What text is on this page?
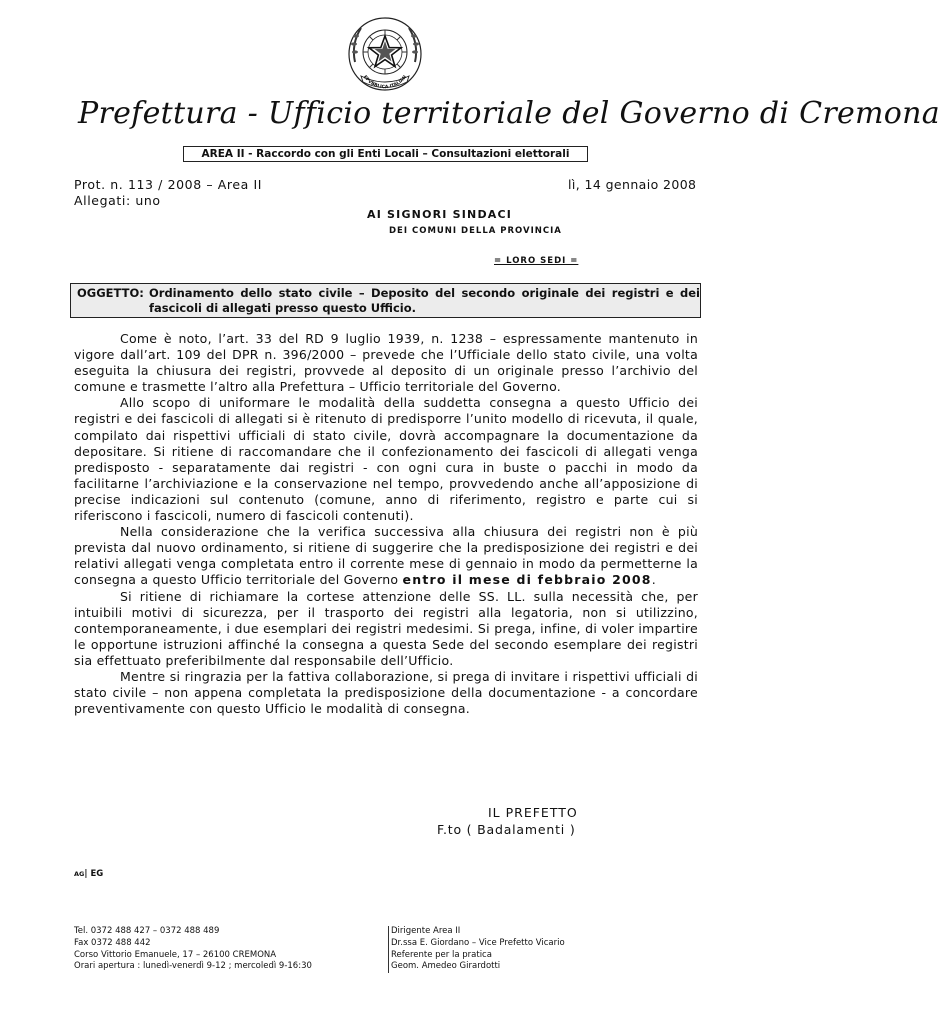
EPVBBLICA ITALIAN
Prefettura - Ufficio territoriale del Governo di Cremona
AREA II - Raccordo con gli Enti Locali – Consultazioni elettorali
Prot. n. 113 / 2008 – Area II
Allegati: uno
lì, 14 gennaio 2008
AI SIGNORI SINDACI
DEI COMUNI DELLA PROVINCIA
= LORO SEDI =
OGGETTO: Ordinamento dello stato civile – Deposito del secondo originale dei registri e dei fascicoli di allegati presso questo Ufficio.

Come è noto, l’art. 33 del RD 9 luglio 1939, n. 1238 – espressamente mantenuto in vigore dall’art. 109 del DPR n. 396/2000 – prevede che l’Ufficiale dello stato civile, una volta eseguita la chiusura dei registri, provvede al deposito di un originale presso l’archivio del comune e trasmette l’altro alla Prefettura – Ufficio territoriale del Governo.

Allo scopo di uniformare le modalità della suddetta consegna a questo Ufficio dei registri e dei fascicoli di allegati si è ritenuto di predisporre l’unito modello di ricevuta, il quale, compilato dai rispettivi ufficiali di stato civile, dovrà accompagnare la documentazione da depositare. Si ritiene di raccomandare che il confezionamento dei fascicoli di allegati venga predisposto - separatamente dai registri - con ogni cura in buste o pacchi in modo da facilitarne l’archiviazione e la conservazione nel tempo, provvedendo anche all’apposizione di precise indicazioni sul contenuto (comune, anno di riferimento, registro e parte cui si riferiscono i fascicoli, numero di fascicoli contenuti).

Nella considerazione che la verifica successiva alla chiusura dei registri non è più prevista dal nuovo ordinamento, si ritiene di suggerire che la predisposizione dei registri e dei relativi allegati venga completata entro il corrente mese di gennaio in modo da permetterne la consegna a questo Ufficio territoriale del Governo entro il mese di febbraio 2008.

Si ritiene di richiamare la cortese attenzione delle SS. LL. sulla necessità che, per intuibili motivi di sicurezza, per il trasporto dei registri alla legatoria, non si utilizzino, contemporaneamente, i due esemplari dei registri medesimi. Si prega, infine, di voler impartire le opportune istruzioni affinché la consegna a questa Sede del secondo esemplare dei registri sia effettuato preferibilmente dal responsabile dell’Ufficio.

Mentre si ringrazia per la fattiva collaborazione, si prega di invitare i rispettivi ufficiali di stato civile – non appena completata la predisposizione della documentazione - a concordare preventivamente con questo Ufficio le modalità di consegna.

IL PREFETTO
F.to ( Badalamenti )
AG| EG
Tel. 0372 488 427 – 0372 488 489
Fax 0372 488 442
Corso Vittorio Emanuele, 17 – 26100 CREMONA
Orari apertura : lunedì-venerdì 9-12 ; mercoledì 9-16:30
Dirigente Area II
Dr.ssa E. Giordano – Vice Prefetto Vicario
Referente per la pratica
Geom. Amedeo Girardotti
